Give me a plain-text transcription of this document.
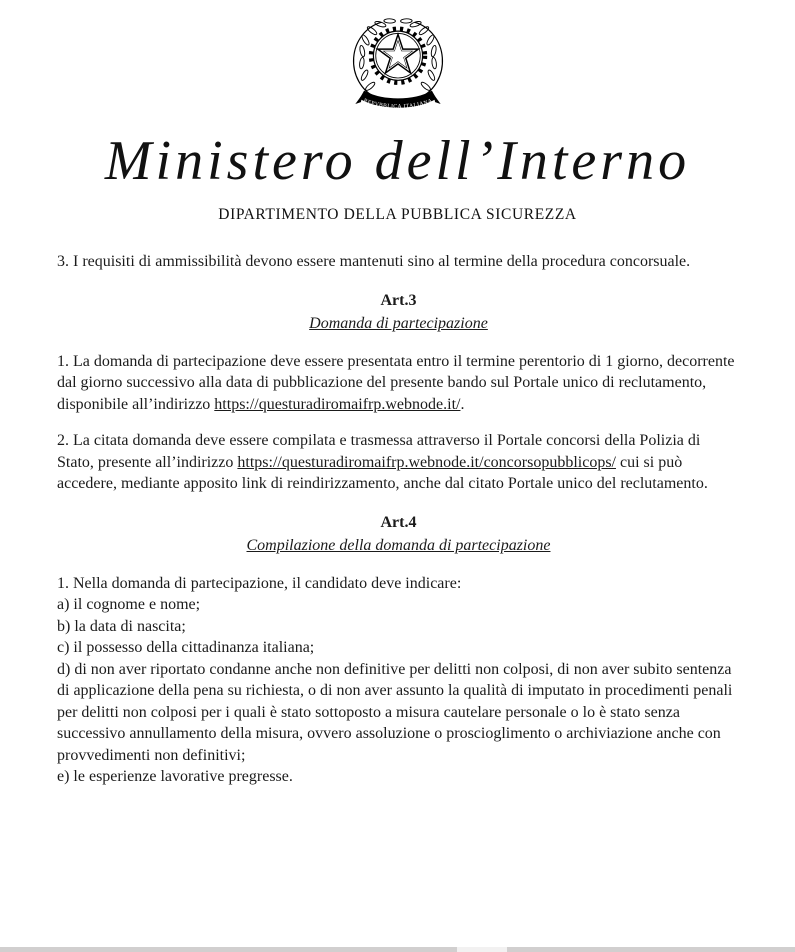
REPVBBLICA ITALIANA
Ministero dell’Interno
DIPARTIMENTO DELLA PUBBLICA SICUREZZA

3. I requisiti di ammissibilità devono essere mantenuti sino al termine della procedura concorsuale.

Art.3
Domanda di partecipazione

1. La domanda di partecipazione deve essere presentata entro il termine perentorio di 1 giorno, decorrente dal giorno successivo alla data di pubblicazione del presente bando sul Portale unico di reclutamento, disponibile all’indirizzo https://questuradiromaifrp.webnode.it/.

2. La citata domanda deve essere compilata e trasmessa attraverso il Portale concorsi della Polizia di Stato, presente all’indirizzo https://questuradiromaifrp.webnode.it/concorsopubblicops/ cui si può accedere, mediante apposito link di reindirizzamento, anche dal citato Portale unico del reclutamento.

Art.4
Compilazione della domanda di partecipazione
1. Nella domanda di partecipazione, il candidato deve indicare:
a) il cognome e nome;
b) la data di nascita;
c) il possesso della cittadinanza italiana;
d) di non aver riportato condanne anche non definitive per delitti non colposi, di non aver subito sentenza di applicazione della pena su richiesta, o di non aver assunto la qualità di imputato in procedimenti penali per delitti non colposi per i quali è stato sottoposto a misura cautelare personale o lo è stato senza successivo annullamento della misura, ovvero assoluzione o proscioglimento o archiviazione anche con provvedimenti non definitivi;
e) le esperienze lavorative pregresse.
